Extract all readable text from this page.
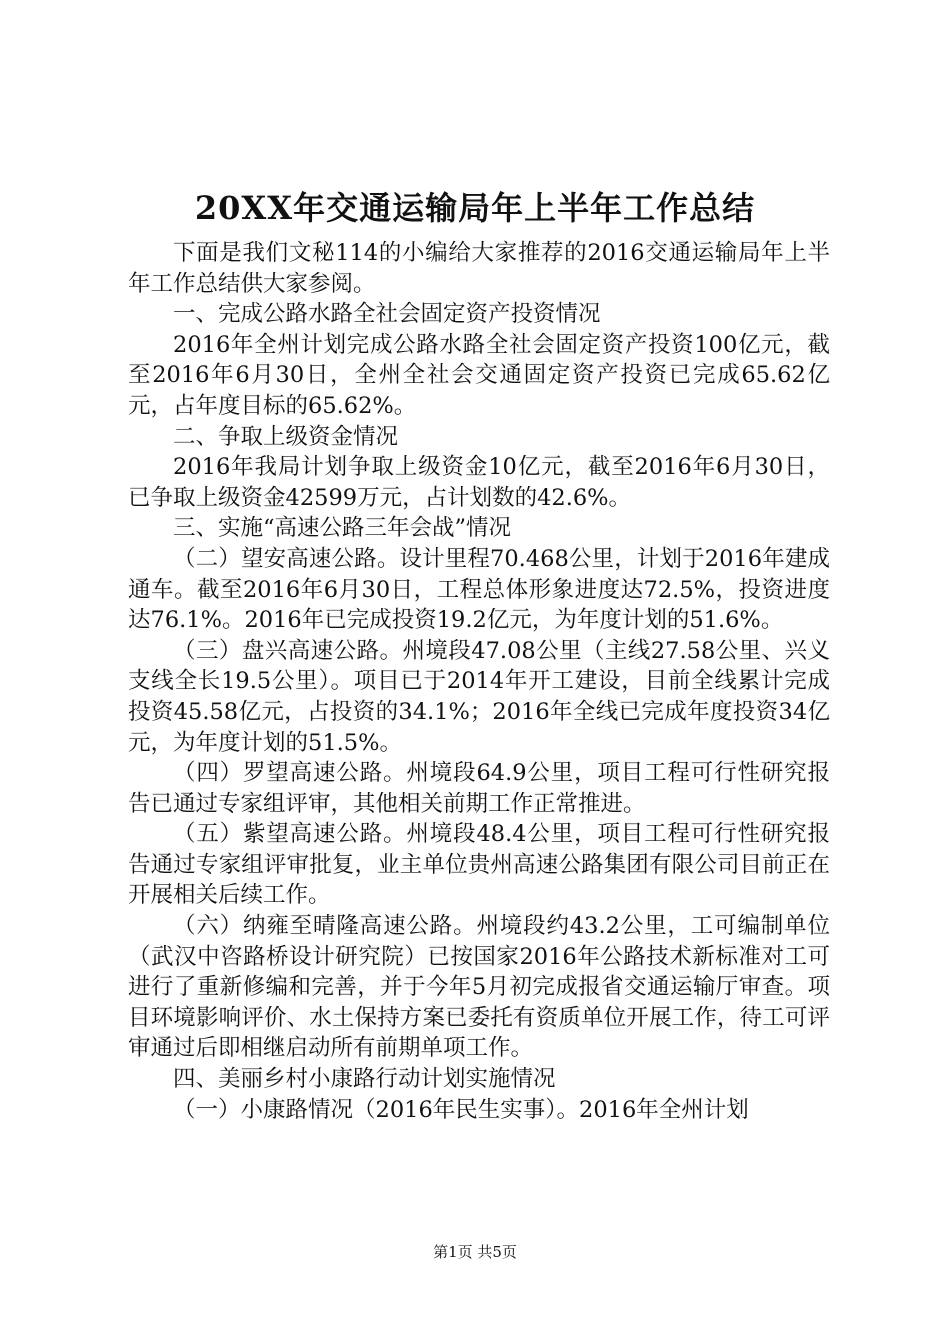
20XX年交通运输局年上半年工作总结

下面是我们文秘114的小编给大家推荐的2016交通运输局年上半年工作总结供大家参阅。

一、完成公路水路全社会固定资产投资情况

2016年全州计划完成公路水路全社会固定资产投资100亿元，截至2016年6月30日，全州全社会交通固定资产投资已完成65.62亿元，占年度目标的65.62%。

二、争取上级资金情况

2016年我局计划争取上级资金10亿元，截至2016年6月30日，已争取上级资金42599万元，占计划数的42.6%。

三、实施“高速公路三年会战”情况

（二）望安高速公路。设计里程70.468公里，计划于2016年建成通车。截至2016年6月30日，工程总体形象进度达72.5%，投资进度达76.1%。2016年已完成投资19.2亿元，为年度计划的51.6%。

（三）盘兴高速公路。州境段47.08公里（主线27.58公里、兴义支线全长19.5公里）。项目已于2014年开工建设，目前全线累计完成投资45.58亿元，占投资的34.1%；2016年全线已完成年度投资34亿元，为年度计划的51.5%。

（四）罗望高速公路。州境段64.9公里，项目工程可行性研究报告已通过专家组评审，其他相关前期工作正常推进。

（五）紫望高速公路。州境段48.4公里，项目工程可行性研究报告通过专家组评审批复，业主单位贵州高速公路集团有限公司目前正在开展相关后续工作。

（六）纳雍至晴隆高速公路。州境段约43.2公里，工可编制单位（武汉中咨路桥设计研究院）已按国家2016年公路技术新标准对工可进行了重新修编和完善，并于今年5月初完成报省交通运输厅审查。项目环境影响评价、水土保持方案已委托有资质单位开展工作，待工可评审通过后即相继启动所有前期单项工作。

四、美丽乡村小康路行动计划实施情况

（一）小康路情况（2016年民生实事）。2016年全州计划

第1页 共5页
